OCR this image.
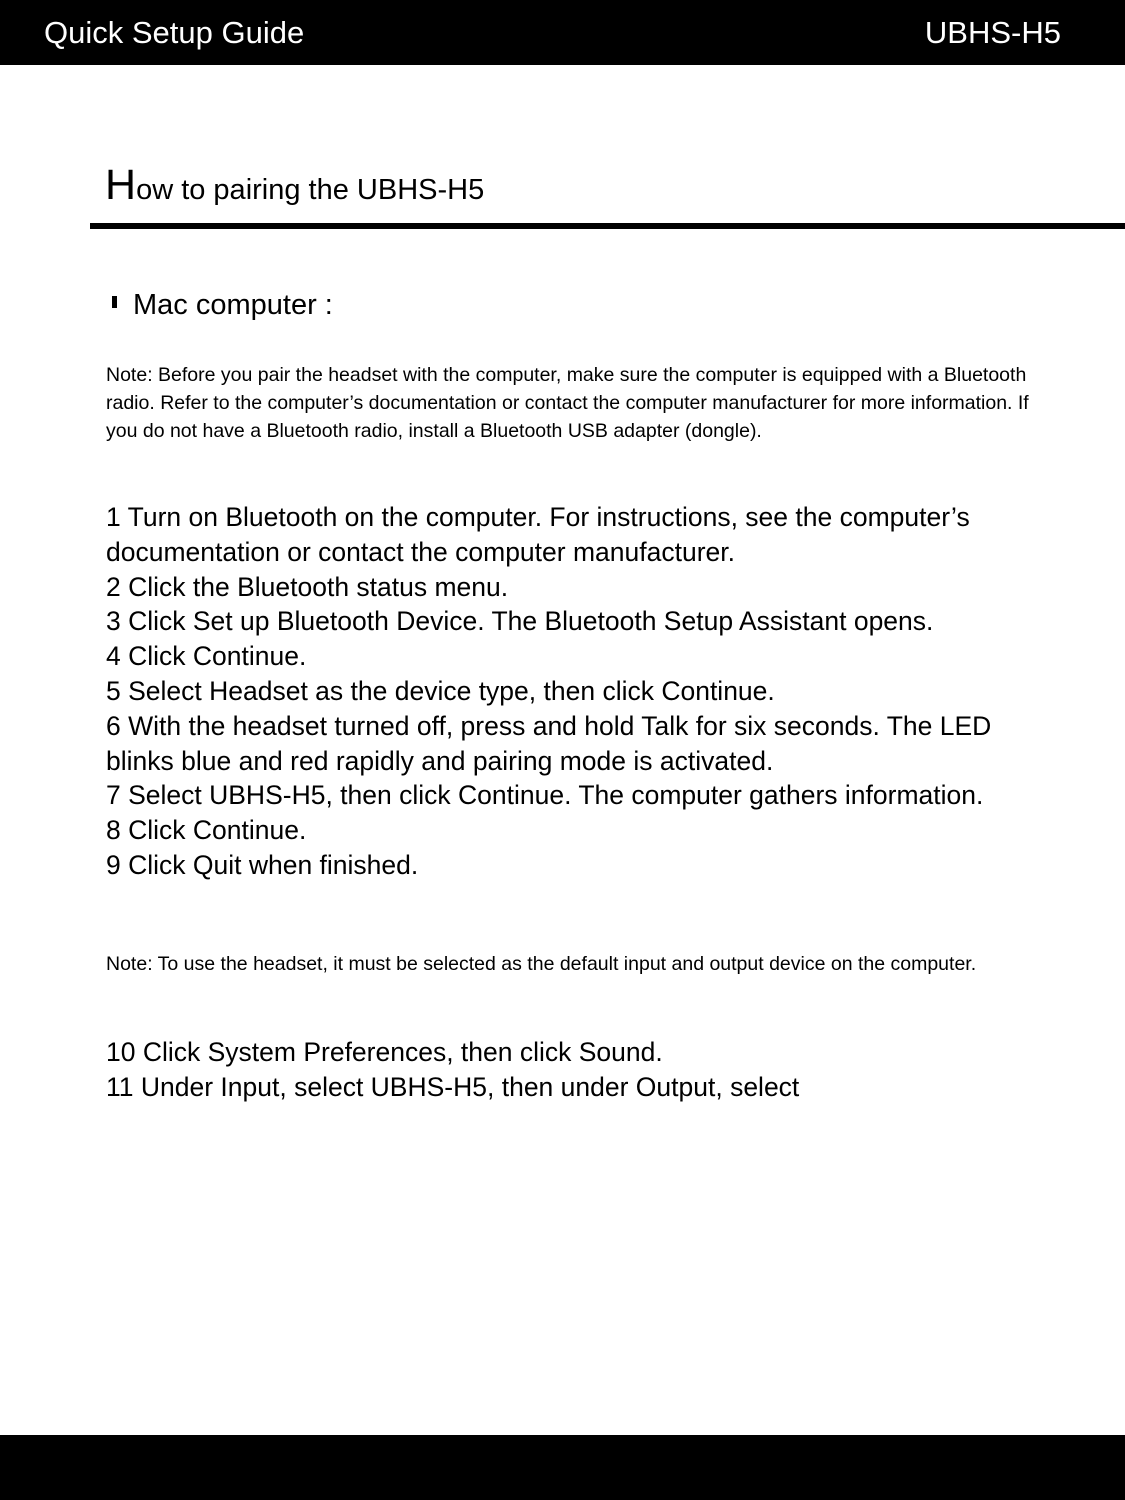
Quick Setup Guide	UBHS-H5
How to pairing the UBHS-H5
Mac computer :
Note: Before you pair the headset with the computer, make sure the computer is equipped with a Bluetooth radio. Refer to the computer’s documentation or contact the computer manufacturer for more information. If you do not have a Bluetooth radio, install a Bluetooth USB adapter (dongle).
1 Turn on Bluetooth on the computer. For instructions, see the computer’s documentation or contact the computer manufacturer.
2 Click the Bluetooth status menu.
3 Click Set up Bluetooth Device. The Bluetooth Setup Assistant opens.
4 Click Continue.
5 Select Headset as the device type, then click Continue.
6 With the headset turned off, press and hold Talk for six seconds. The LED blinks blue and red rapidly and pairing mode is activated.
7 Select UBHS-H5, then click Continue. The computer gathers information.
8 Click Continue.
9 Click Quit when finished.
Note: To use the headset, it must be selected as the default input and output device on the computer.
10 Click System Preferences, then click Sound.
11 Under Input, select UBHS-H5, then under Output, select
